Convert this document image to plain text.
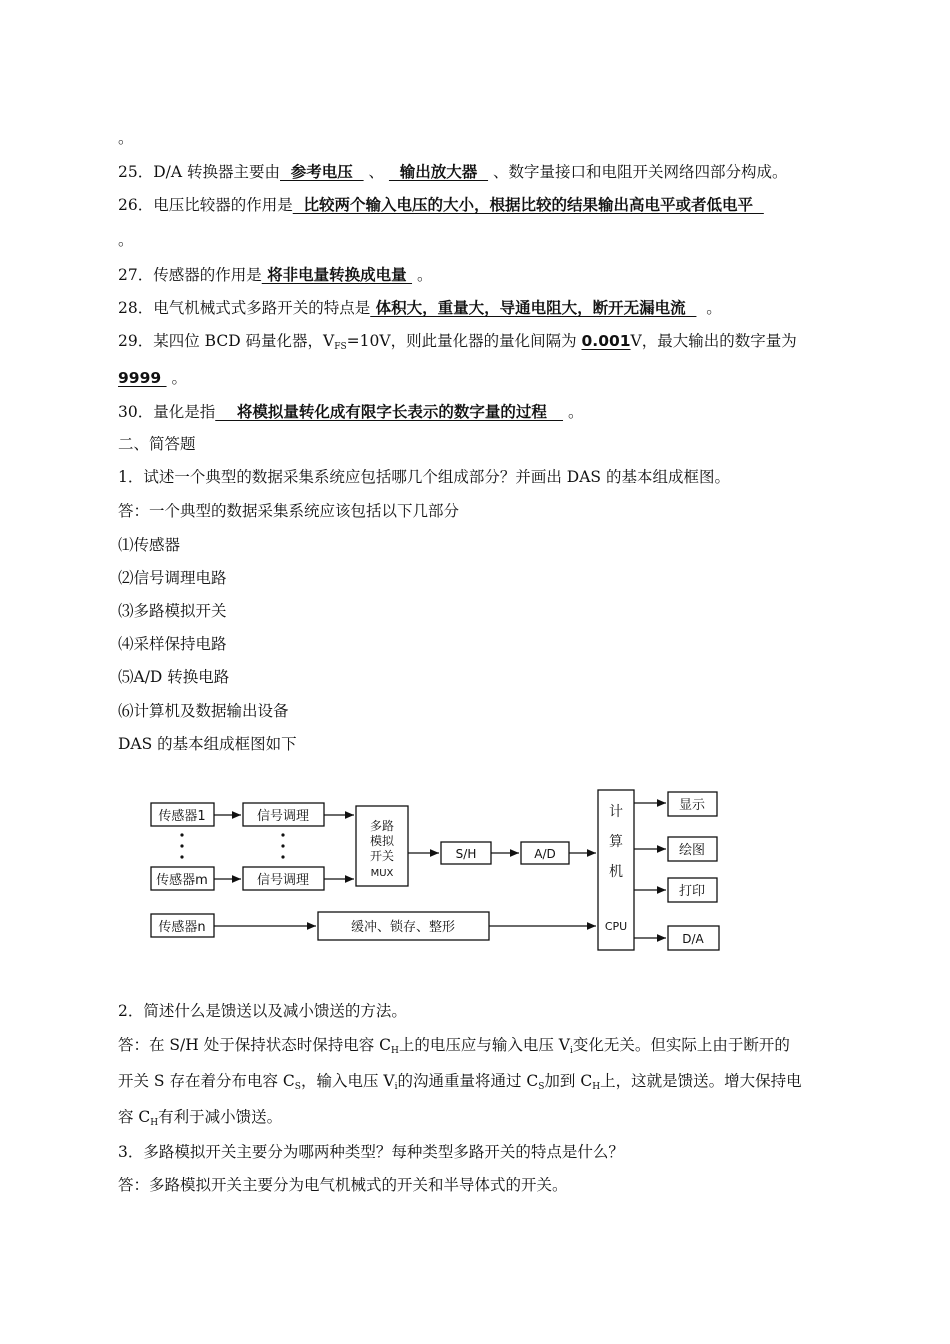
。
25．D/A 转换器主要由  参考电压   、   输出放大器   、数字量接口和电阻开关网络四部分构成。
26．电压比较器的作用是  比较两个输入电压的大小，根据比较的结果输出高电平或者低电平
。
27．传感器的作用是 将非电量转换成电量  。
28．电气机械式式多路开关的特点是 体积大，重量大，导通电阻大，断开无漏电流    。
29．某四位 BCD 码量化器，$V_{FS}=10V$，则此量化器的量化间隔为 0.001V，最大输出的数字量为
9999  。
30．量化是指    将模拟量转化成有限字长表示的数字量的过程    。
二、简答题
1．试述一个典型的数据采集系统应包括哪几个组成部分？并画出 DAS 的基本组成框图。
答：一个典型的数据采集系统应该包括以下几部分
⑴传感器
⑵信号调理电路
⑶多路模拟开关
⑷采样保持电路
⑸A/D 转换电路
⑹计算机及数据输出设备
DAS 的基本组成框图如下
传感器1
传感器m
传感器n
信号调理
信号调理
多路
模拟
开关
MUX
S/H	A/D
缓冲、锁存、整形
计
算
机
CPU
显示
绘图
打印
D/A
2．简述什么是馈送以及减小馈送的方法。
答：在 S/H 处于保持状态时保持电容 $C_H$上的电压应与输入电压 $V_i$变化无关。但实际上由于断开的
开关 S 存在着分布电容 $C_S$，输入电压 $V_i$的沟通重量将通过 $C_S$加到 $C_H$上，这就是馈送。增大保持电
容 $C_H$有利于减小馈送。
3．多路模拟开关主要分为哪两种类型？每种类型多路开关的特点是什么？
答：多路模拟开关主要分为电气机械式的开关和半导体式的开关。
